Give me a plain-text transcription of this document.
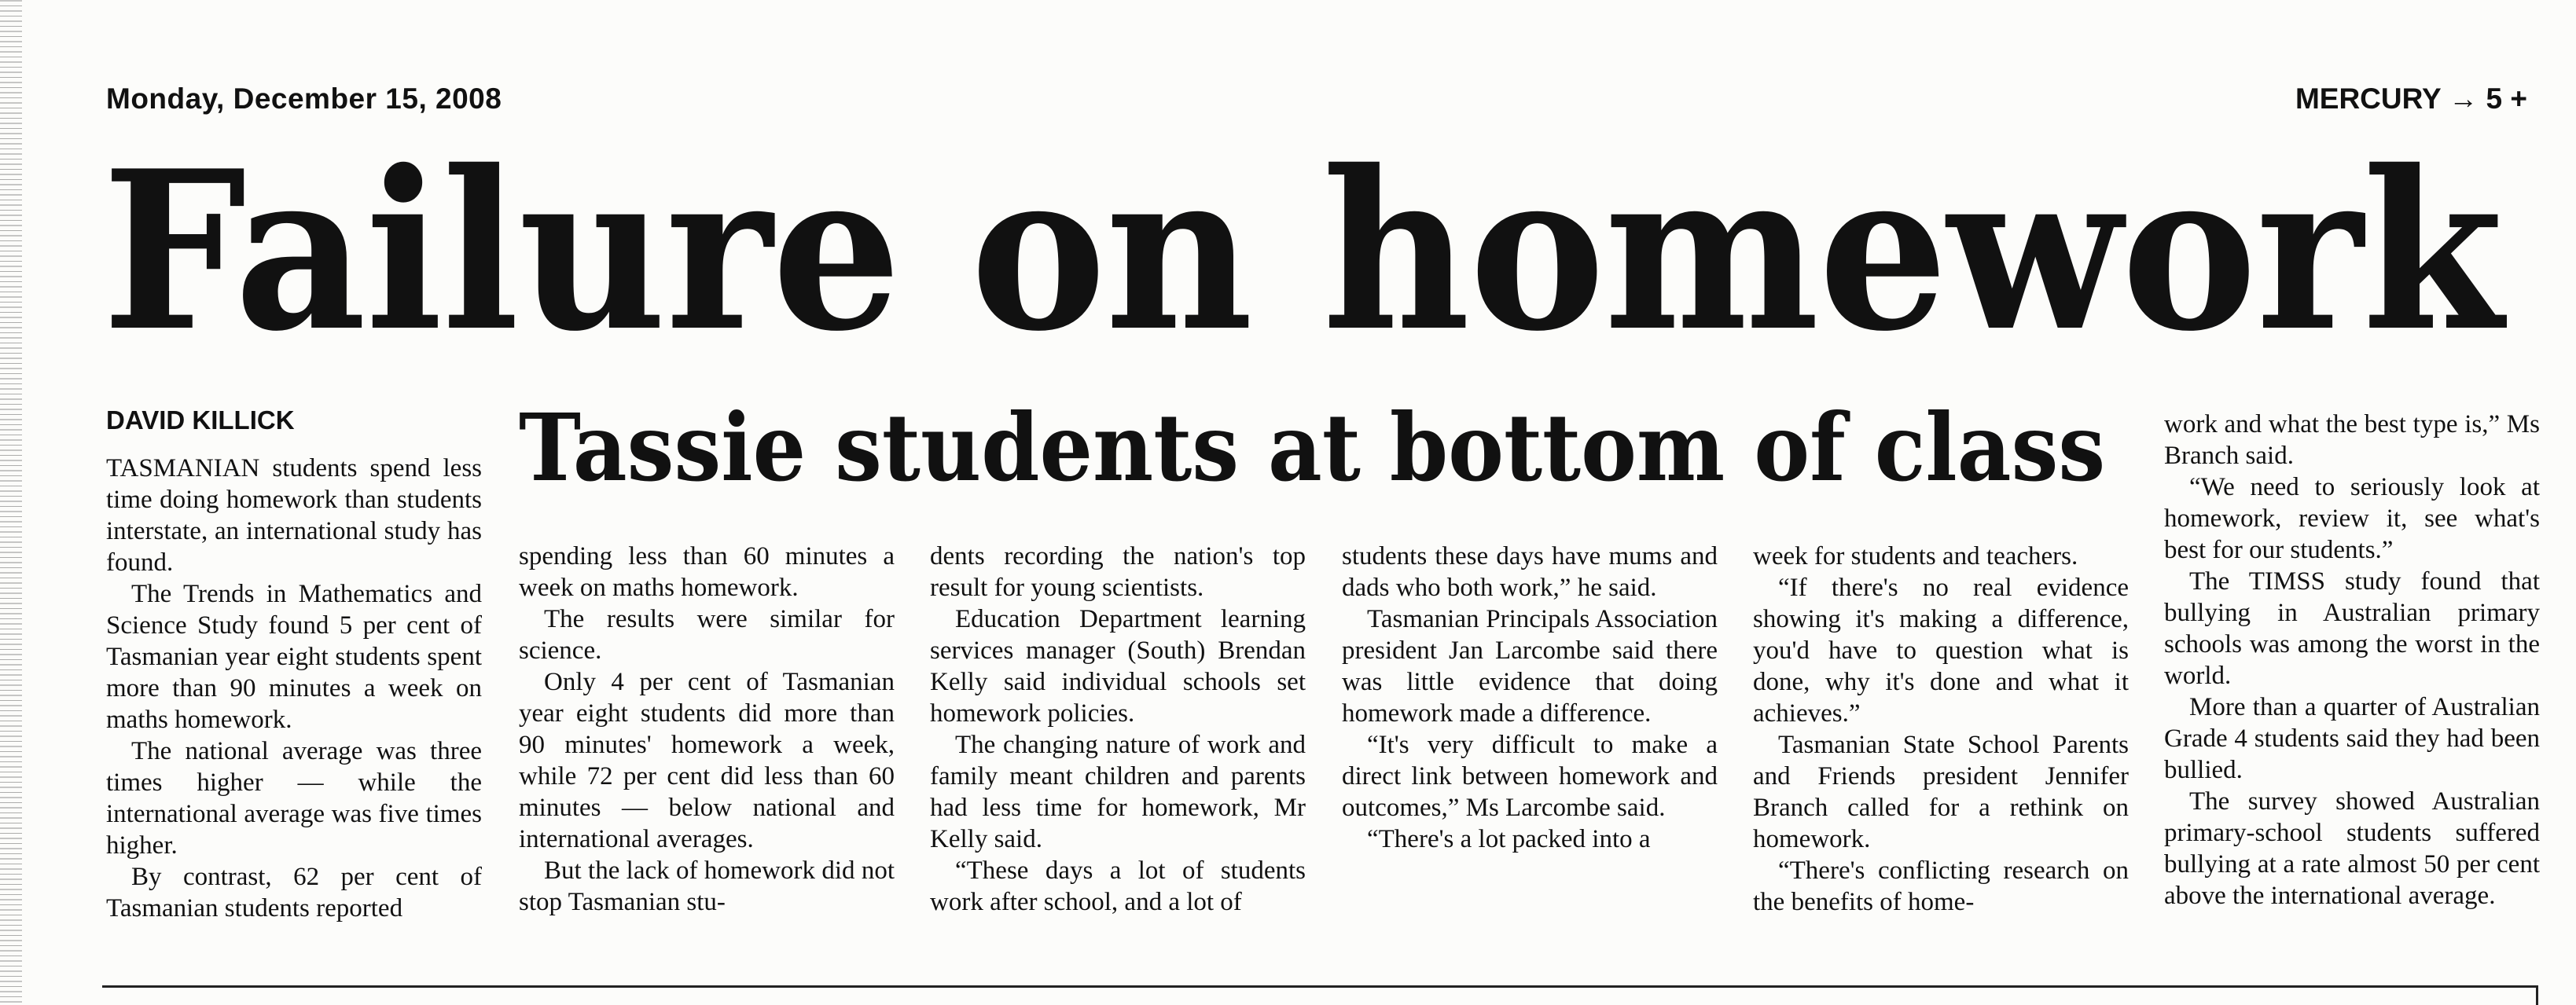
Monday, December 15, 2008	MERCURY → 5 +
Failure on homework
Tassie students at bottom of class
DAVID KILLICK

TASMANIAN students spend less time doing homework than students interstate, an international study has found.

The Trends in Mathematics and Science Study found 5 per cent of Tasmanian year eight students spent more than 90 minutes a week on maths homework.

The national average was three times higher — while the international average was five times higher.

By contrast, 62 per cent of Tasmanian students reported

spending less than 60 minutes a week on maths homework.

The results were similar for science.

Only 4 per cent of Tasmanian year eight students did more than 90 minutes' homework a week, while 72 per cent did less than 60 minutes — below national and international averages.

But the lack of homework did not stop Tasmanian stu-

dents recording the nation's top result for young scientists.

Education Department learning services manager (South) Brendan Kelly said individual schools set homework policies.

The changing nature of work and family meant children and parents had less time for homework, Mr Kelly said.

“These days a lot of students work after school, and a lot of

students these days have mums and dads who both work,” he said.

Tasmanian Principals Association president Jan Larcombe said there was little evidence that doing homework made a difference.

“It's very difficult to make a direct link between homework and outcomes,” Ms Larcombe said.

“There's a lot packed into a

week for students and teachers.

“If there's no real evidence showing it's making a difference, you'd have to question what is done, why it's done and what it achieves.”

Tasmanian State School Parents and Friends president Jennifer Branch called for a rethink on homework.

“There's conflicting research on the benefits of home-

work and what the best type is,” Ms Branch said.

“We need to seriously look at homework, review it, see what's best for our students.”

The TIMSS study found that bullying in Australian primary schools was among the worst in the world.

More than a quarter of Australian Grade 4 students said they had been bullied.

The survey showed Australian primary-school students suffered bullying at a rate almost 50 per cent above the international average.
